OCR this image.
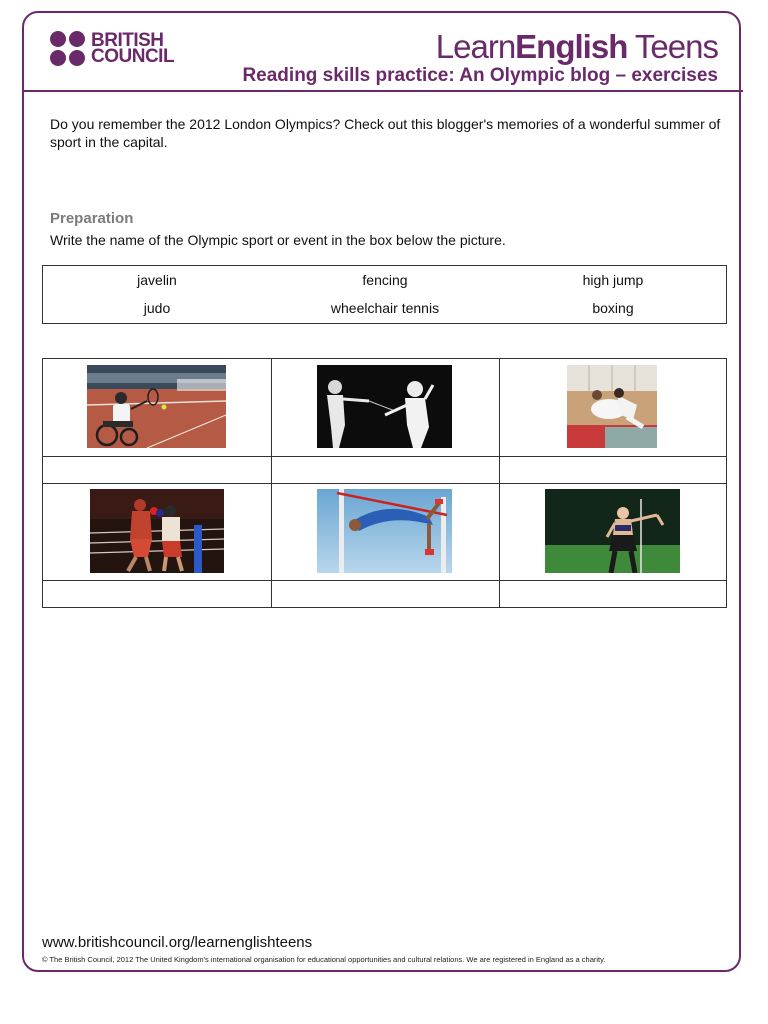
BRITISH
COUNCIL	LearnEnglish Teens
Reading skills practice: An Olympic blog – exercises
Do you remember the 2012 London Olympics? Check out this blogger's memories of a wonderful summer of sport in the capital.
Preparation
Write the name of the Olympic sport or event in the box below the picture.
javelin	fencing	high jump
judo	wheelchair tennis	boxing
www.britishcouncil.org/learnenglishteens
© The British Council, 2012 The United Kingdom's international organisation for educational opportunities and cultural relations. We are registered in England as a charity.
